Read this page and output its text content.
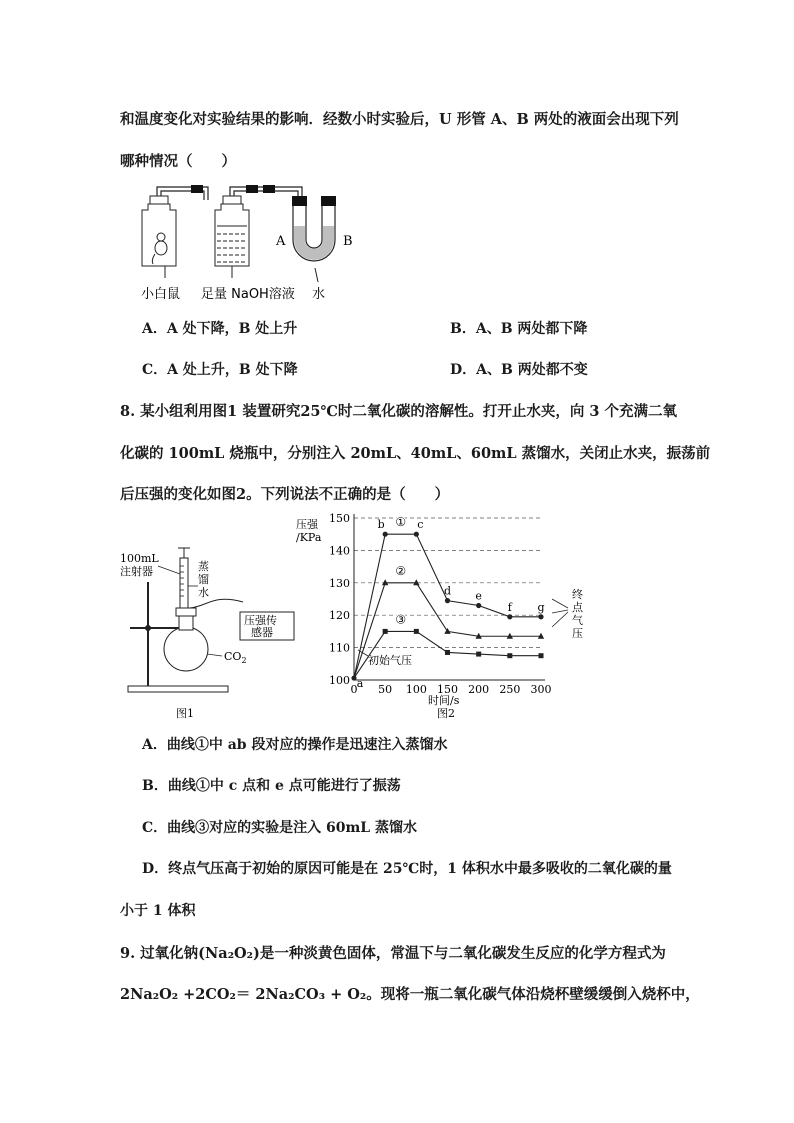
和温度变化对实验结果的影响．经数小时实验后，U 形管 A、B 两处的液面会出现下列
哪种情况（　　）
小白鼠 足量 NaOH溶液 水
A	B
A．A 处下降，B 处上升	B．A、B 两处都下降
C．A 处上升，B 处下降	D．A、B 两处都不变
8. 某小组利用图1 装置研究25℃时二氧化碳的溶解性。打开止水夹，向 3 个充满二氧
化碳的 100mL 烧瓶中，分别注入 20mL、40mL、60mL 蒸馏水，关闭止水夹，振荡前
后压强的变化如图2。下列说法不正确的是（　　）
100mL
注射器	蒸
馏
水
压强传
感器
$CO_2$
图1
100
110
120
130
140
150
0 50 100 150 200 250 300
①
a
b	c
d e
f g
②
③
压强
/KPa
时间/s
图2
终
点
气
压
初始气压
A．曲线①中 ab 段对应的操作是迅速注入蒸馏水
B．曲线①中 c 点和 e 点可能进行了振荡
C．曲线③对应的实验是注入 60mL 蒸馏水
D．终点气压高于初始的原因可能是在 25℃时，1 体积水中最多吸收的二氧化碳的量
小于 1 体积
9. 过氧化钠(Na₂O₂)是一种淡黄色固体，常温下与二氧化碳发生反应的化学方程式为
2Na₂O₂ +2CO₂＝ 2Na₂CO₃ + O₂。现将一瓶二氧化碳气体沿烧杯壁缓缓倒入烧杯中，
